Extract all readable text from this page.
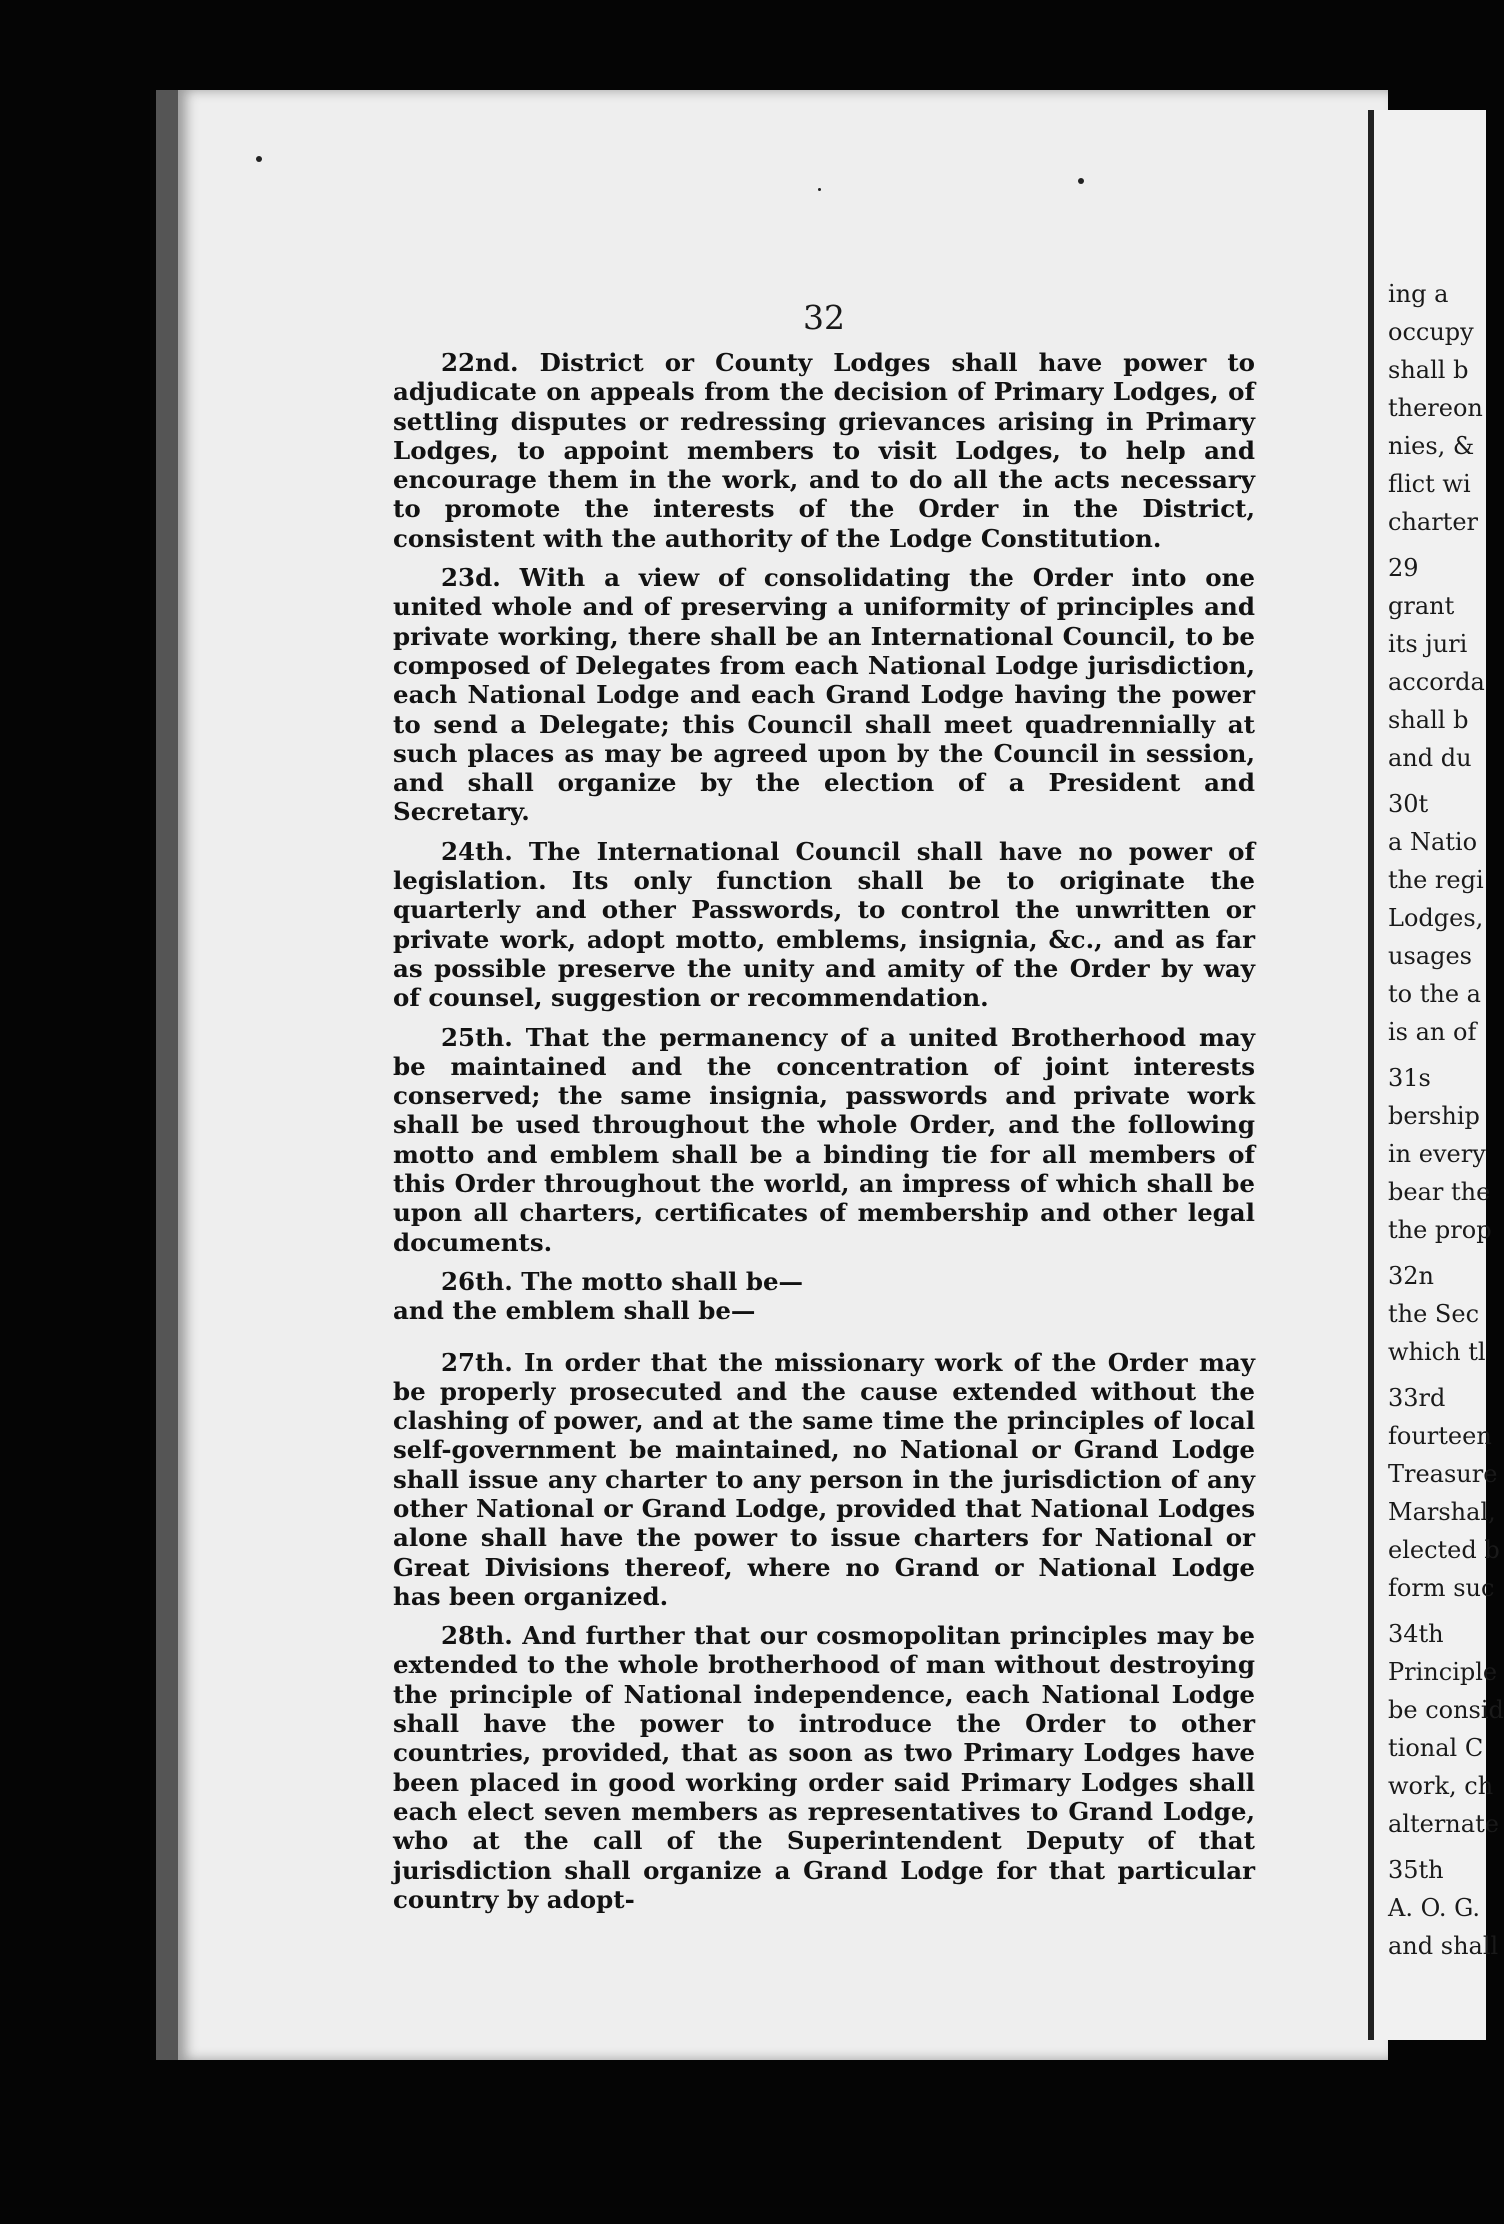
32

22nd. District or County Lodges shall have power to adjudicate on appeals from the decision of Primary Lodges, of settling disputes or redressing grievances arising in Primary Lodges, to appoint members to visit Lodges, to help and encourage them in the work, and to do all the acts necessary to promote the interests of the Order in the District, consistent with the authority of the Lodge Constitution.

23d. With a view of consolidating the Order into one united whole and of preserving a uniformity of principles and private working, there shall be an International Council, to be composed of Delegates from each National Lodge jurisdiction, each National Lodge and each Grand Lodge having the power to send a Delegate; this Council shall meet quadrennially at such places as may be agreed upon by the Council in session, and shall organize by the election of a President and Secretary.

24th. The International Council shall have no power of legislation. Its only function shall be to originate the quarterly and other Passwords, to control the unwritten or private work, adopt motto, emblems, insignia, &c., and as far as possible preserve the unity and amity of the Order by way of counsel, suggestion or recommendation.

25th. That the permanency of a united Brotherhood may be maintained and the concentration of joint interests conserved; the same insignia, passwords and private work shall be used throughout the whole Order, and the following motto and emblem shall be a binding tie for all members of this Order throughout the world, an impress of which shall be upon all charters, certificates of membership and other legal documents.

26th. The motto shall be—

and the emblem shall be—

27th. In order that the missionary work of the Order may be properly prosecuted and the cause extended without the clashing of power, and at the same time the principles of local self-government be maintained, no National or Grand Lodge shall issue any charter to any person in the jurisdiction of any other National or Grand Lodge, provided that National Lodges alone shall have the power to issue charters for National or Great Divisions thereof, where no Grand or National Lodge has been organized.

28th. And further that our cosmopolitan principles may be extended to the whole brotherhood of man without destroying the principle of National independence, each National Lodge shall have the power to introduce the Order to other countries, provided, that as soon as two Primary Lodges have been placed in good working order said Primary Lodges shall each elect seven members as representatives to Grand Lodge, who at the call of the Superintendent Deputy of that jurisdiction shall organize a Grand Lodge for that particular country by adopt-

ing a
occupy
shall b
thereon
nies, &
flict wi
charter
29
grant
its juri
accorda
shall b
and du
30t
a Natio
the regi
Lodges,
usages
to the a
is an of
31s
bership
in every
bear the
the prop
32n
the Sec
which tl
33rd
fourteen
Treasure
Marshal,
elected b
form suc
34th
Principle
be consid
tional C
work, ch
alternate
35th
A. O. G.
and shall
